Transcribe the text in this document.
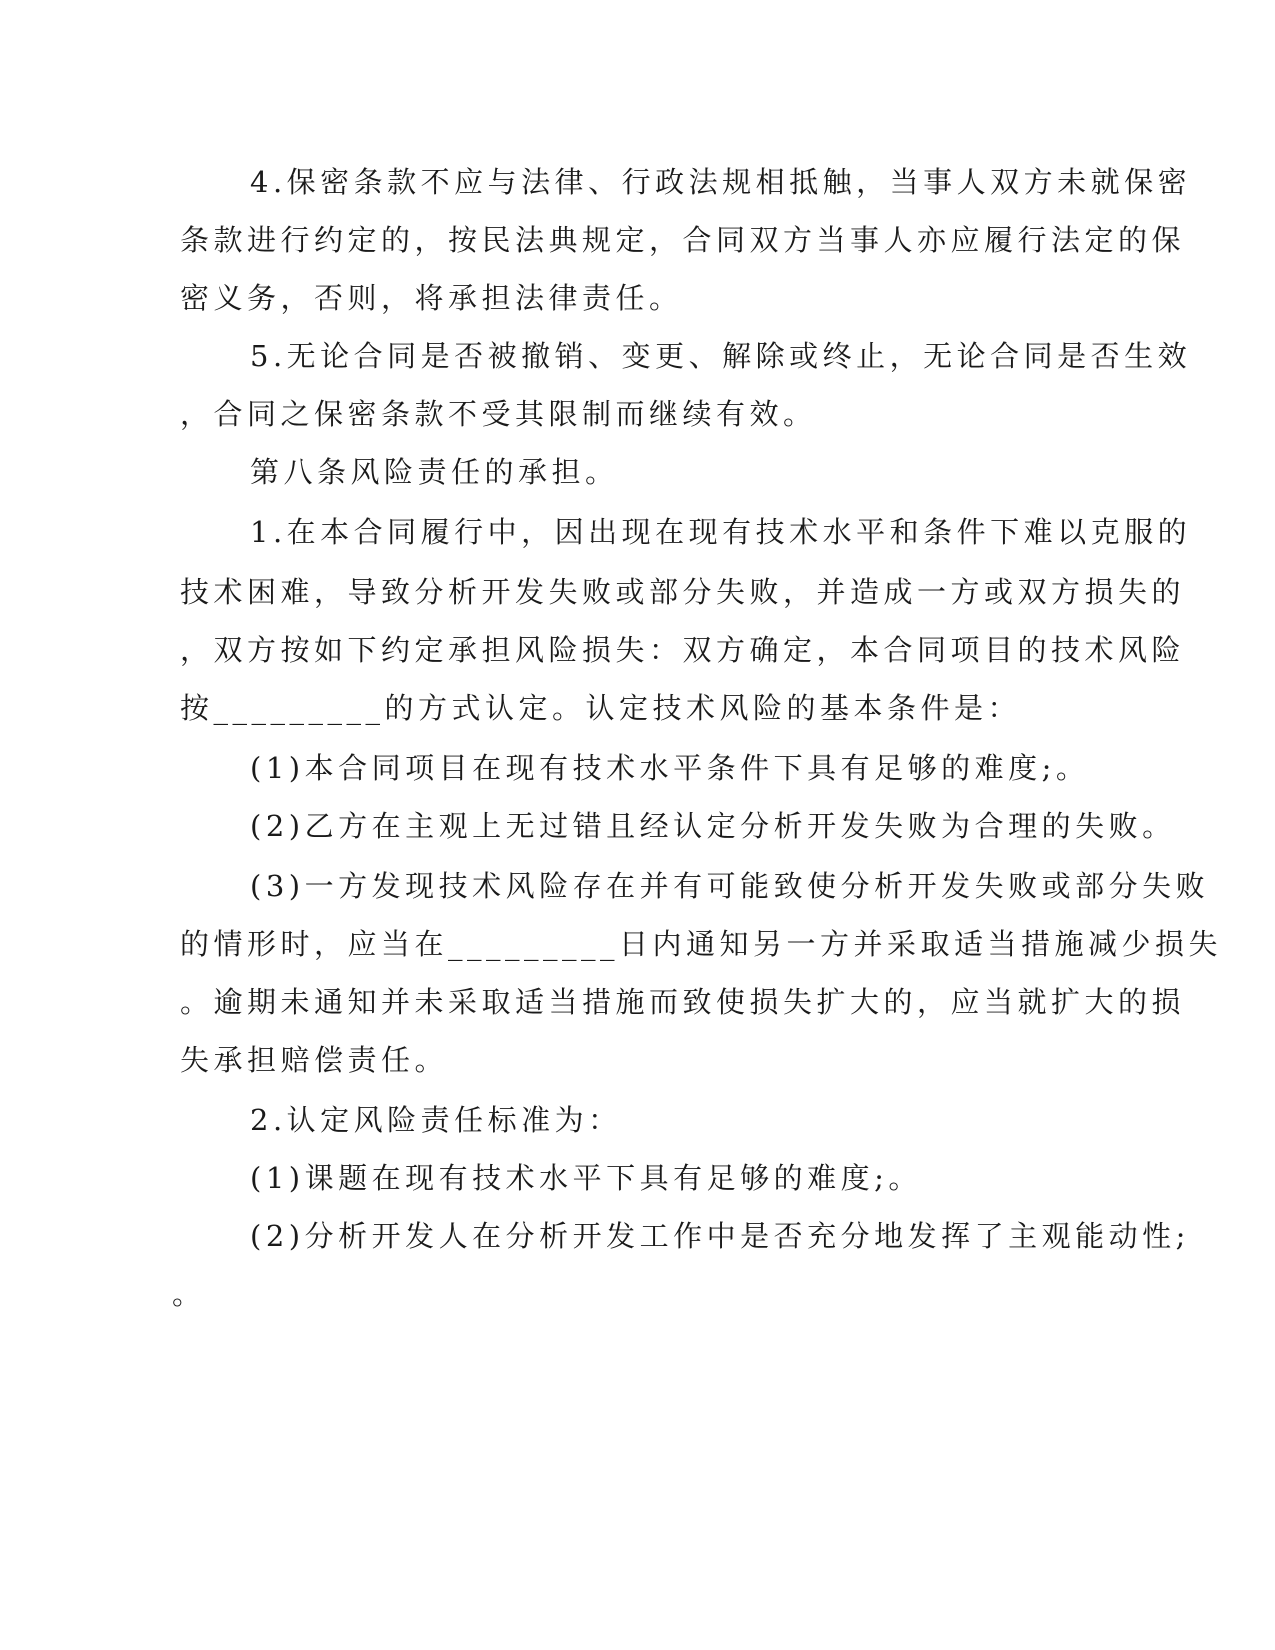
4.保密条款不应与法律、行政法规相抵触，当事人双方未就保密
条款进行约定的，按民法典规定，合同双方当事人亦应履行法定的保
密义务，否则，将承担法律责任。
5.无论合同是否被撤销、变更、解除或终止，无论合同是否生效
，合同之保密条款不受其限制而继续有效。
第八条风险责任的承担。
1.在本合同履行中，因出现在现有技术水平和条件下难以克服的
技术困难，导致分析开发失败或部分失败，并造成一方或双方损失的
，双方按如下约定承担风险损失：双方确定，本合同项目的技术风险
按_________的方式认定。认定技术风险的基本条件是：
(1)本合同项目在现有技术水平条件下具有足够的难度;。
(2)乙方在主观上无过错且经认定分析开发失败为合理的失败。
(3)一方发现技术风险存在并有可能致使分析开发失败或部分失败
的情形时，应当在_________日内通知另一方并采取适当措施减少损失
。逾期未通知并未采取适当措施而致使损失扩大的，应当就扩大的损
失承担赔偿责任。
2.认定风险责任标准为：
(1)课题在现有技术水平下具有足够的难度;。
(2)分析开发人在分析开发工作中是否充分地发挥了主观能动性;
。
